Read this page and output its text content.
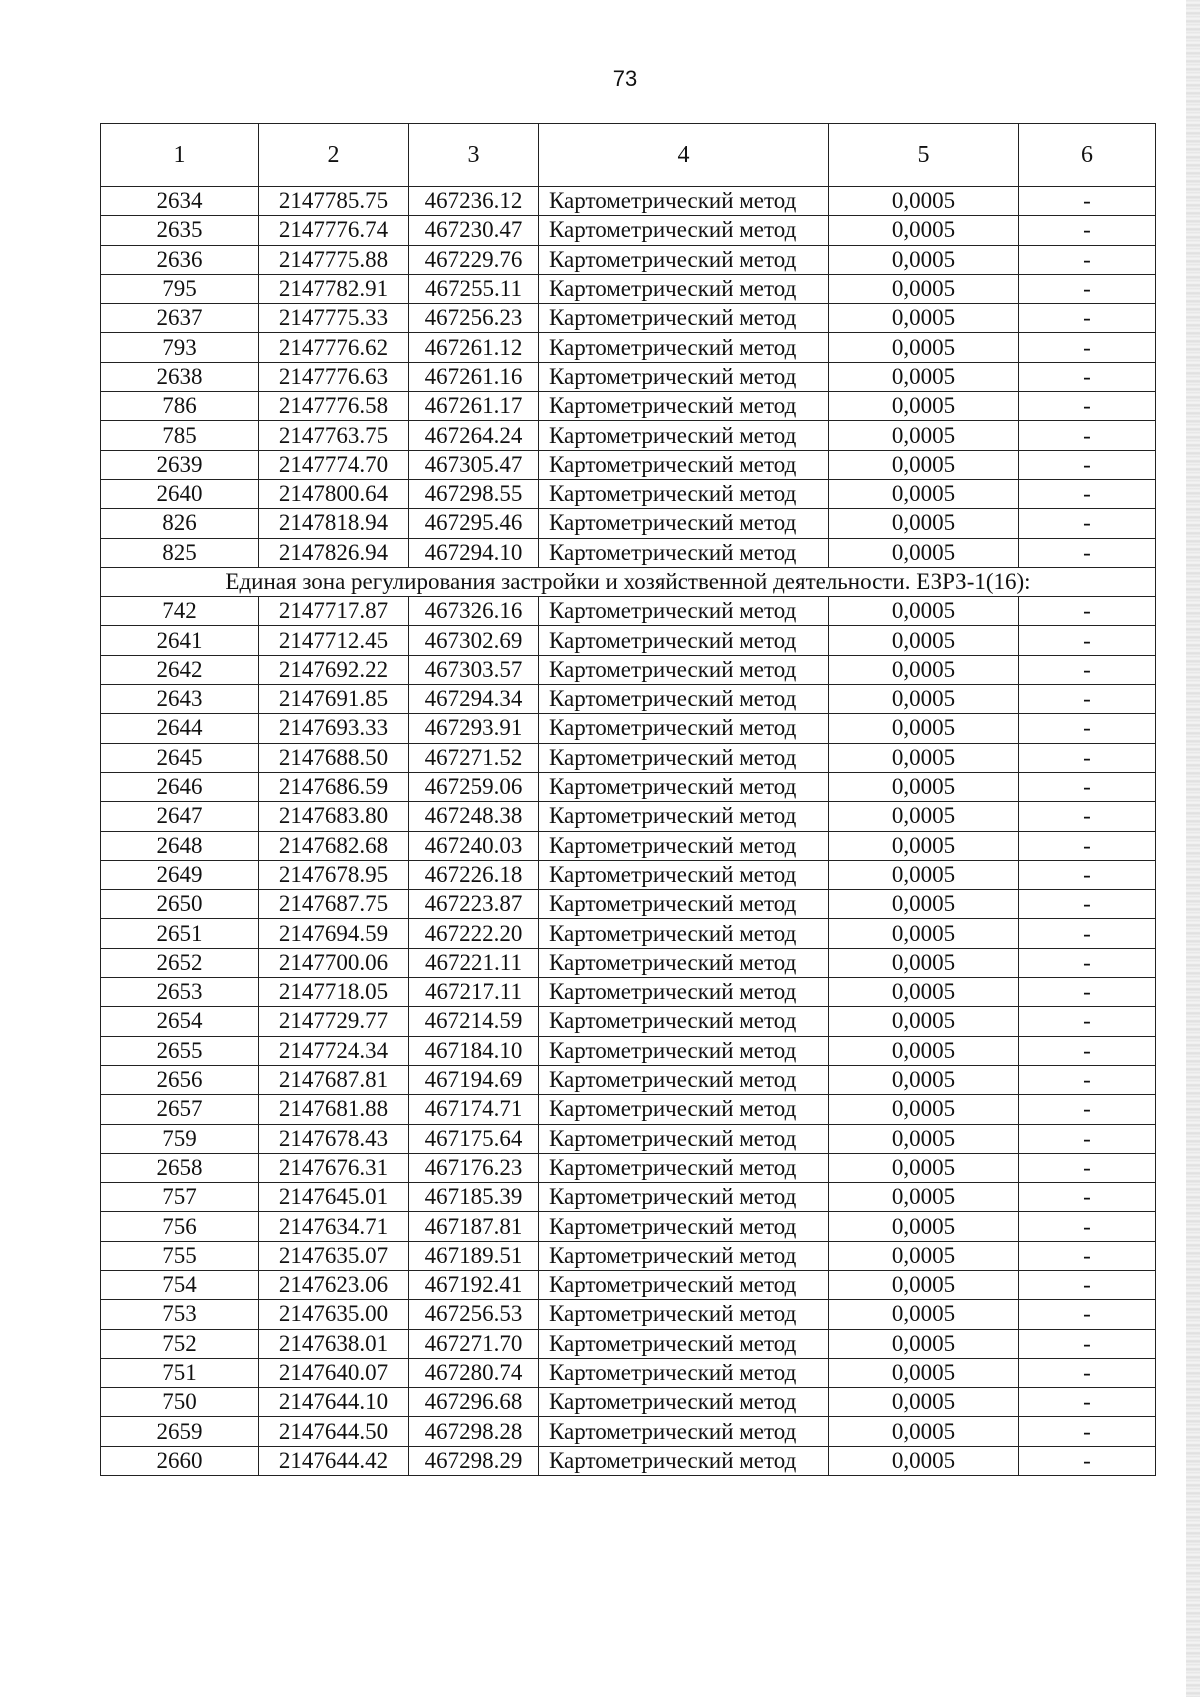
73
1	2	3	4	5	6
2634	2147785.75	467236.12	Картометрический метод	0,0005	-
2635	2147776.74	467230.47	Картометрический метод	0,0005	-
2636	2147775.88	467229.76	Картометрический метод	0,0005	-
795	2147782.91	467255.11	Картометрический метод	0,0005	-
2637	2147775.33	467256.23	Картометрический метод	0,0005	-
793	2147776.62	467261.12	Картометрический метод	0,0005	-
2638	2147776.63	467261.16	Картометрический метод	0,0005	-
786	2147776.58	467261.17	Картометрический метод	0,0005	-
785	2147763.75	467264.24	Картометрический метод	0,0005	-
2639	2147774.70	467305.47	Картометрический метод	0,0005	-
2640	2147800.64	467298.55	Картометрический метод	0,0005	-
826	2147818.94	467295.46	Картометрический метод	0,0005	-
825	2147826.94	467294.10	Картометрический метод	0,0005	-
Единая зона регулирования застройки и хозяйственной деятельности. ЕЗРЗ-1(16):					
742	2147717.87	467326.16	Картометрический метод	0,0005	-
2641	2147712.45	467302.69	Картометрический метод	0,0005	-
2642	2147692.22	467303.57	Картометрический метод	0,0005	-
2643	2147691.85	467294.34	Картометрический метод	0,0005	-
2644	2147693.33	467293.91	Картометрический метод	0,0005	-
2645	2147688.50	467271.52	Картометрический метод	0,0005	-
2646	2147686.59	467259.06	Картометрический метод	0,0005	-
2647	2147683.80	467248.38	Картометрический метод	0,0005	-
2648	2147682.68	467240.03	Картометрический метод	0,0005	-
2649	2147678.95	467226.18	Картометрический метод	0,0005	-
2650	2147687.75	467223.87	Картометрический метод	0,0005	-
2651	2147694.59	467222.20	Картометрический метод	0,0005	-
2652	2147700.06	467221.11	Картометрический метод	0,0005	-
2653	2147718.05	467217.11	Картометрический метод	0,0005	-
2654	2147729.77	467214.59	Картометрический метод	0,0005	-
2655	2147724.34	467184.10	Картометрический метод	0,0005	-
2656	2147687.81	467194.69	Картометрический метод	0,0005	-
2657	2147681.88	467174.71	Картометрический метод	0,0005	-
759	2147678.43	467175.64	Картометрический метод	0,0005	-
2658	2147676.31	467176.23	Картометрический метод	0,0005	-
757	2147645.01	467185.39	Картометрический метод	0,0005	-
756	2147634.71	467187.81	Картометрический метод	0,0005	-
755	2147635.07	467189.51	Картометрический метод	0,0005	-
754	2147623.06	467192.41	Картометрический метод	0,0005	-
753	2147635.00	467256.53	Картометрический метод	0,0005	-
752	2147638.01	467271.70	Картометрический метод	0,0005	-
751	2147640.07	467280.74	Картометрический метод	0,0005	-
750	2147644.10	467296.68	Картометрический метод	0,0005	-
2659	2147644.50	467298.28	Картометрический метод	0,0005	-
2660	2147644.42	467298.29	Картометрический метод	0,0005	-
